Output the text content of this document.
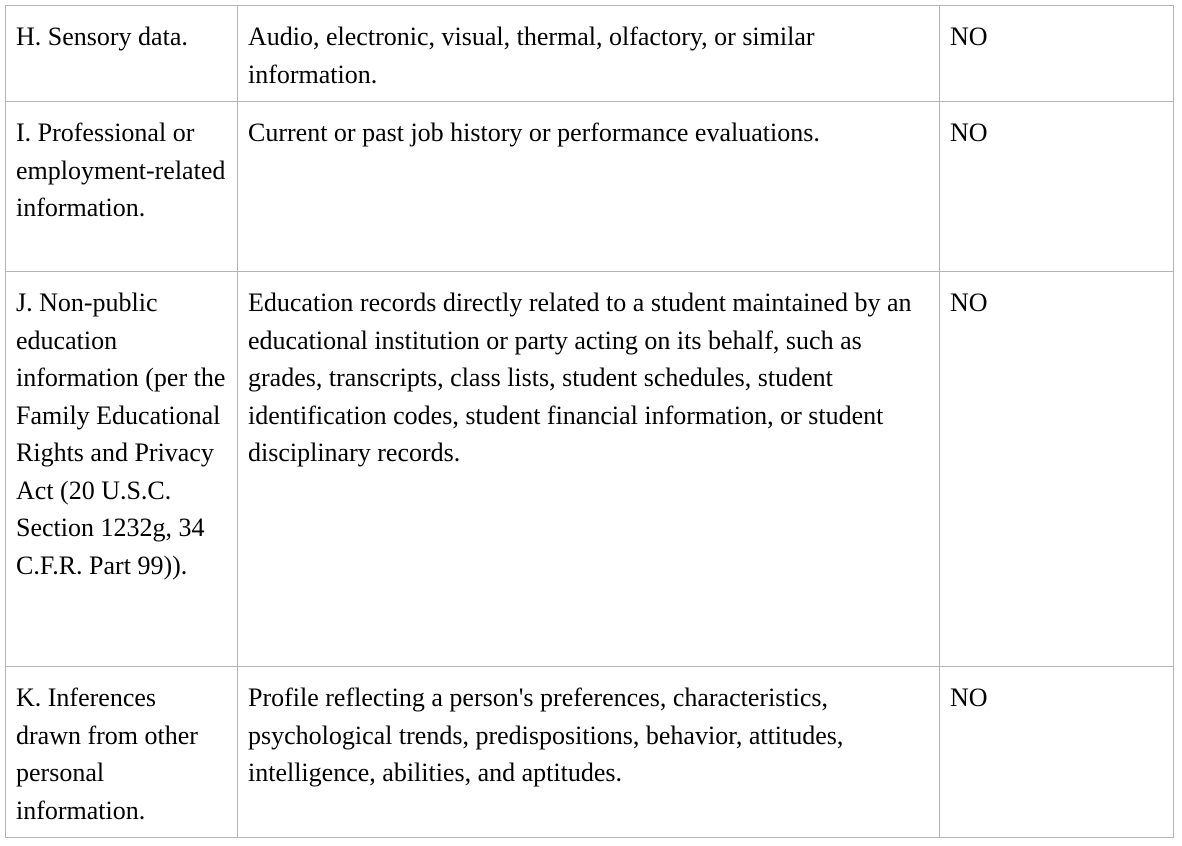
H. Sensory data.	Audio, electronic, visual, thermal, olfactory, or similar information.	NO
I. Professional or employment-related information.	Current or past job history or performance evaluations.	NO
J. Non-public education information (per the Family Educational Rights and Privacy Act (20 U.S.C. Section 1232g, 34 C.F.R. Part 99)).	Education records directly related to a student maintained by an educational institution or party acting on its behalf, such as grades, transcripts, class lists, student schedules, student identification codes, student financial information, or student disciplinary records.	NO
K. Inferences drawn from other personal information.	Profile reflecting a person's preferences, characteristics, psychological trends, predispositions, behavior, attitudes, intelligence, abilities, and aptitudes.	NO
